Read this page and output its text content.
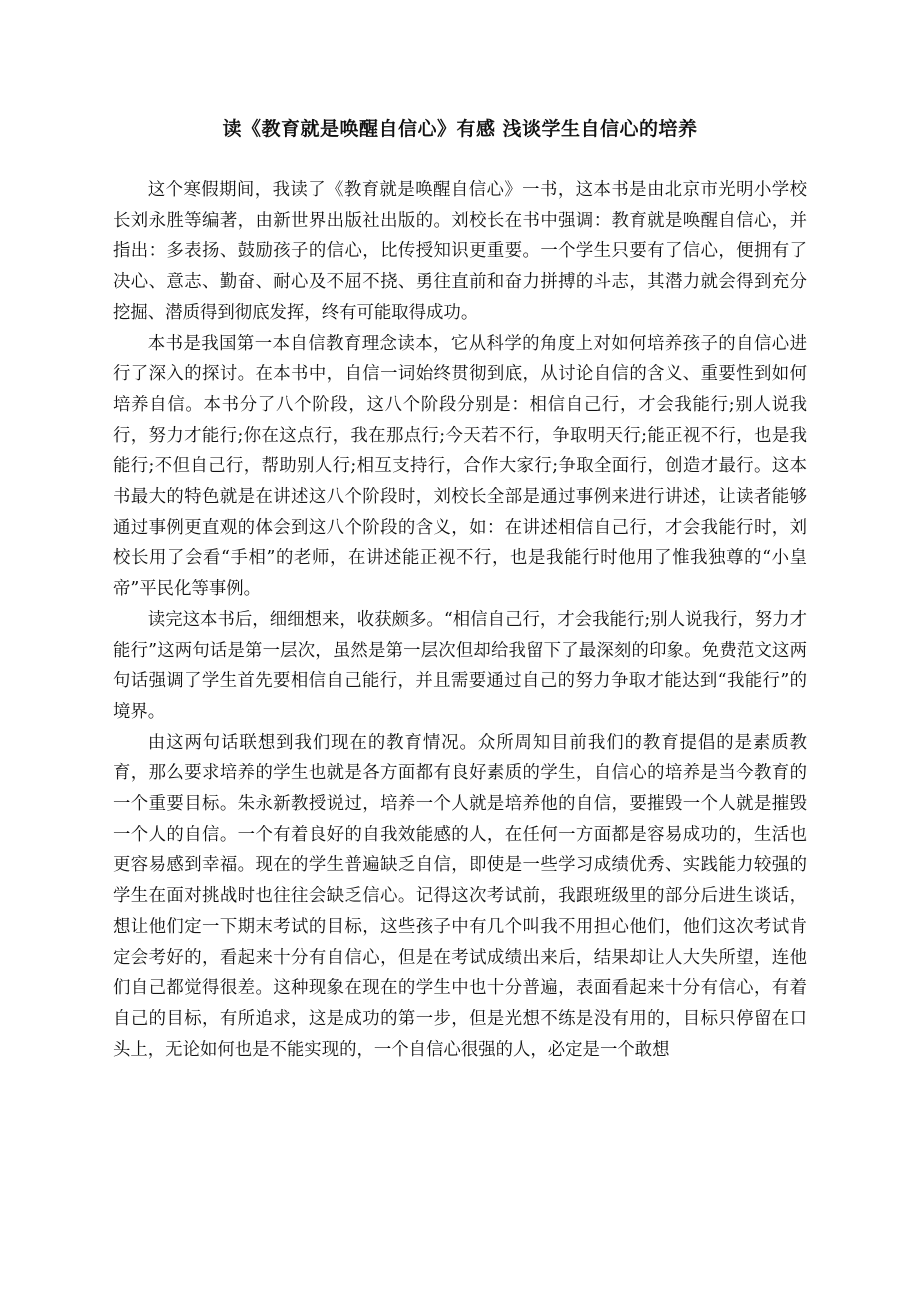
读《教育就是唤醒自信心》有感 浅谈学生自信心的培养

这个寒假期间，我读了《教育就是唤醒自信心》一书，这本书是由北京市光明小学校长刘永胜等编著，由新世界出版社出版的。刘校长在书中强调：教育就是唤醒自信心，并指出：多表扬、鼓励孩子的信心，比传授知识更重要。一个学生只要有了信心，便拥有了决心、意志、勤奋、耐心及不屈不挠、勇往直前和奋力拼搏的斗志，其潜力就会得到充分挖掘、潜质得到彻底发挥，终有可能取得成功。

本书是我国第一本自信教育理念读本，它从科学的角度上对如何培养孩子的自信心进行了深入的探讨。在本书中，自信一词始终贯彻到底，从讨论自信的含义、重要性到如何培养自信。本书分了八个阶段，这八个阶段分别是：相信自己行，才会我能行;别人说我行，努力才能行;你在这点行，我在那点行;今天若不行，争取明天行;能正视不行，也是我能行;不但自己行，帮助别人行;相互支持行，合作大家行;争取全面行，创造才最行。这本书最大的特色就是在讲述这八个阶段时，刘校长全部是通过事例来进行讲述，让读者能够通过事例更直观的体会到这八个阶段的含义，如：在讲述相信自己行，才会我能行时，刘校长用了会看“手相”的老师，在讲述能正视不行，也是我能行时他用了惟我独尊的“小皇帝”平民化等事例。

读完这本书后，细细想来，收获颇多。“相信自己行，才会我能行;别人说我行，努力才能行”这两句话是第一层次，虽然是第一层次但却给我留下了最深刻的印象。免费范文这两句话强调了学生首先要相信自己能行，并且需要通过自己的努力争取才能达到“我能行”的境界。

由这两句话联想到我们现在的教育情况。众所周知目前我们的教育提倡的是素质教育，那么要求培养的学生也就是各方面都有良好素质的学生，自信心的培养是当今教育的一个重要目标。朱永新教授说过，培养一个人就是培养他的自信，要摧毁一个人就是摧毁一个人的自信。一个有着良好的自我效能感的人，在任何一方面都是容易成功的，生活也更容易感到幸福。现在的学生普遍缺乏自信，即使是一些学习成绩优秀、实践能力较强的学生在面对挑战时也往往会缺乏信心。记得这次考试前，我跟班级里的部分后进生谈话，想让他们定一下期末考试的目标，这些孩子中有几个叫我不用担心他们，他们这次考试肯定会考好的，看起来十分有自信心，但是在考试成绩出来后，结果却让人大失所望，连他们自己都觉得很差。这种现象在现在的学生中也十分普遍，表面看起来十分有信心，有着自己的目标，有所追求，这是成功的第一步，但是光想不练是没有用的，目标只停留在口头上，无论如何也是不能实现的，一个自信心很强的人，必定是一个敢想
